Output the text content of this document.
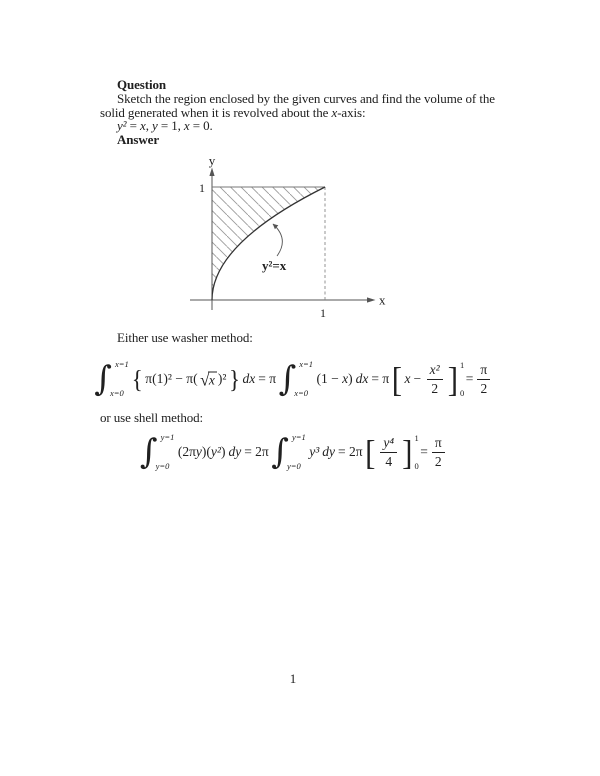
Question
Sketch the region enclosed by the given curves and find the volume of the
solid generated when it is revolved about the x-axis:
y² = x, y = 1, x = 0.
Answer
y
1
x
1
y²=x
Either use washer method:
∫ x=1
x=0 { π(1)² − π( √ x )² } dx = π ∫ x=1
x=0
(1 − x ) dx = π [ $x - \frac{\text{x²}}{2}$ ] 1
0
= $\frac{\pi}{2}$
or use shell method:
∫ y=1
y=0
(2π y )( y² ) dy = 2π ∫ y=1
y=0
y³ dy = 2π [ $\frac{\text{y⁴}}{4}$ ] 1
0
= $\frac{\pi}{2}$
1
